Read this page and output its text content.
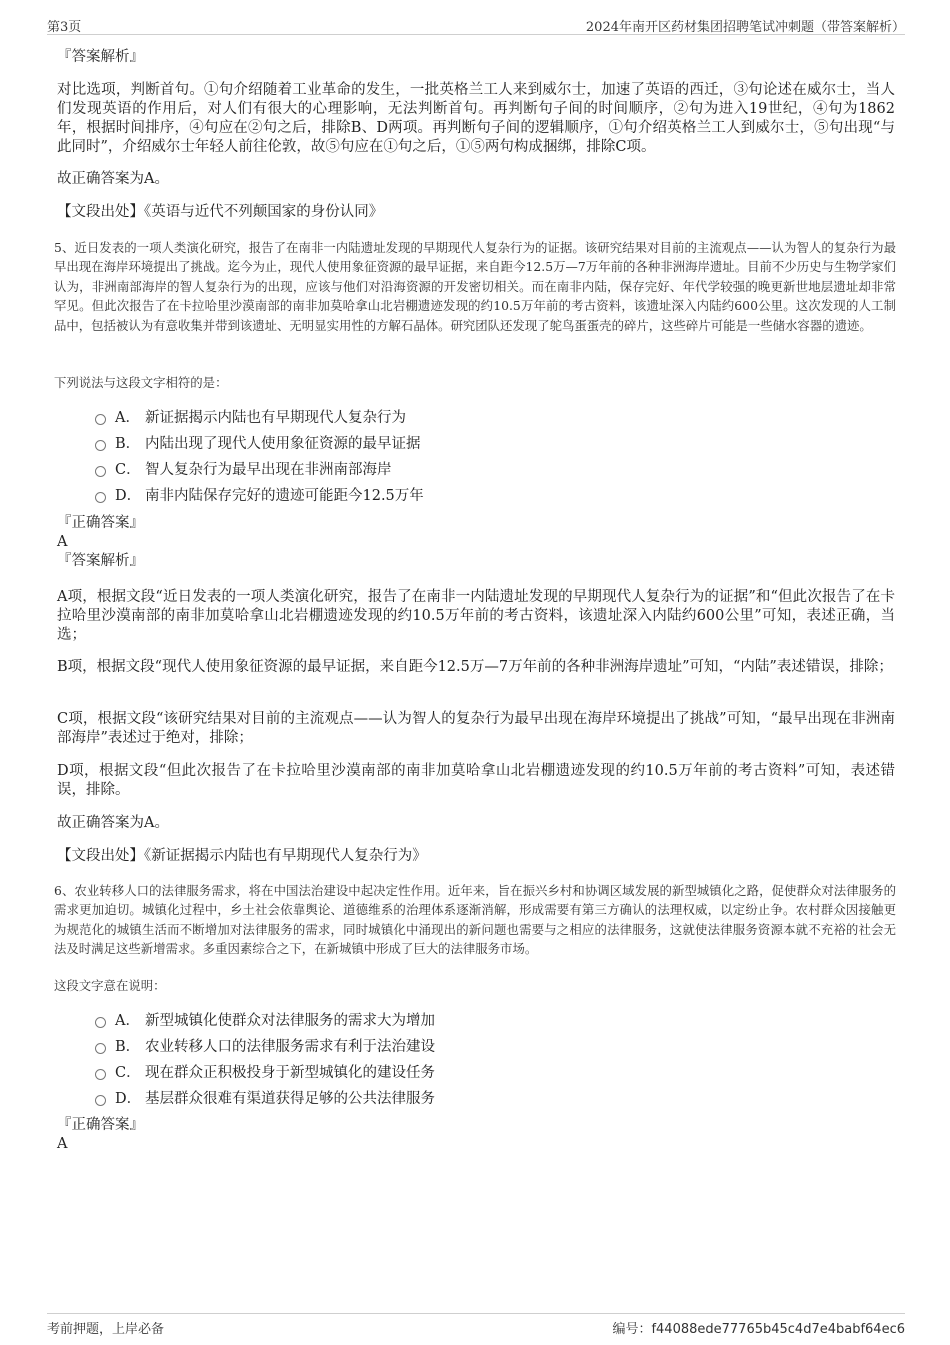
第3页	2024年南开区药材集团招聘笔试冲刺题（带答案解析）

『答案解析』

对比选项，判断首句。①句介绍随着工业革命的发生，一批英格兰工人来到威尔士，加速了英语的西迁，③句论述在威尔士，当人们发现英语的作用后，对人们有很大的心理影响，无法判断首句。再判断句子间的时间顺序，②句为进入19世纪，④句为1862年，根据时间排序，④句应在②句之后，排除B、D两项。再判断句子间的逻辑顺序，①句介绍英格兰工人到威尔士，⑤句出现“与此同时”，介绍威尔士年轻人前往伦敦，故⑤句应在①句之后，①⑤两句构成捆绑，排除C项。

故正确答案为A。

【文段出处】《英语与近代不列颠国家的身份认同》

5、近日发表的一项人类演化研究，报告了在南非一内陆遗址发现的早期现代人复杂行为的证据。该研究结果对目前的主流观点——认为智人的复杂行为最早出现在海岸环境提出了挑战。迄今为止，现代人使用象征资源的最早证据，来自距今12.5万—7万年前的各种非洲海岸遗址。目前不少历史与生物学家们认为，非洲南部海岸的智人复杂行为的出现，应该与他们对沿海资源的开发密切相关。而在南非内陆，保存完好、年代学较强的晚更新世地层遗址却非常罕见。但此次报告了在卡拉哈里沙漠南部的南非加莫哈拿山北岩棚遗迹发现的约10.5万年前的考古资料，该遗址深入内陆约600公里。这次发现的人工制品中，包括被认为有意收集并带到该遗址、无明显实用性的方解石晶体。研究团队还发现了鸵鸟蛋蛋壳的碎片，这些碎片可能是一些储水容器的遗迹。

下列说法与这段文字相符的是：

A． 新证据揭示内陆也有早期现代人复杂行为
B． 内陆出现了现代人使用象征资源的最早证据
C． 智人复杂行为最早出现在非洲南部海岸
D． 南非内陆保存完好的遗迹可能距今12.5万年

『正确答案』

A

『答案解析』

A项，根据文段“近日发表的一项人类演化研究，报告了在南非一内陆遗址发现的早期现代人复杂行为的证据”和“但此次报告了在卡拉哈里沙漠南部的南非加莫哈拿山北岩棚遗迹发现的约10.5万年前的考古资料，该遗址深入内陆约600公里”可知，表述正确，当选；

B项，根据文段“现代人使用象征资源的最早证据，来自距今12.5万—7万年前的各种非洲海岸遗址”可知，“内陆”表述错误，排除；

C项，根据文段“该研究结果对目前的主流观点——认为智人的复杂行为最早出现在海岸环境提出了挑战”可知，“最早出现在非洲南部海岸”表述过于绝对，排除；

D项，根据文段“但此次报告了在卡拉哈里沙漠南部的南非加莫哈拿山北岩棚遗迹发现的约10.5万年前的考古资料”可知，表述错误，排除。

故正确答案为A。

【文段出处】《新证据揭示内陆也有早期现代人复杂行为》

6、农业转移人口的法律服务需求，将在中国法治建设中起决定性作用。近年来，旨在振兴乡村和协调区域发展的新型城镇化之路，促使群众对法律服务的需求更加迫切。城镇化过程中，乡土社会依靠舆论、道德维系的治理体系逐渐消解，形成需要有第三方确认的法理权威，以定纷止争。农村群众因接触更为规范化的城镇生活而不断增加对法律服务的需求，同时城镇化中涌现出的新问题也需要与之相应的法律服务，这就使法律服务资源本就不充裕的社会无法及时满足这些新增需求。多重因素综合之下，在新城镇中形成了巨大的法律服务市场。

这段文字意在说明：

A． 新型城镇化使群众对法律服务的需求大为增加
B． 农业转移人口的法律服务需求有利于法治建设
C． 现在群众正积极投身于新型城镇化的建设任务
D． 基层群众很难有渠道获得足够的公共法律服务

『正确答案』

A

考前押题，上岸必备	编号：f44088ede77765b45c4d7e4babf64ec6
